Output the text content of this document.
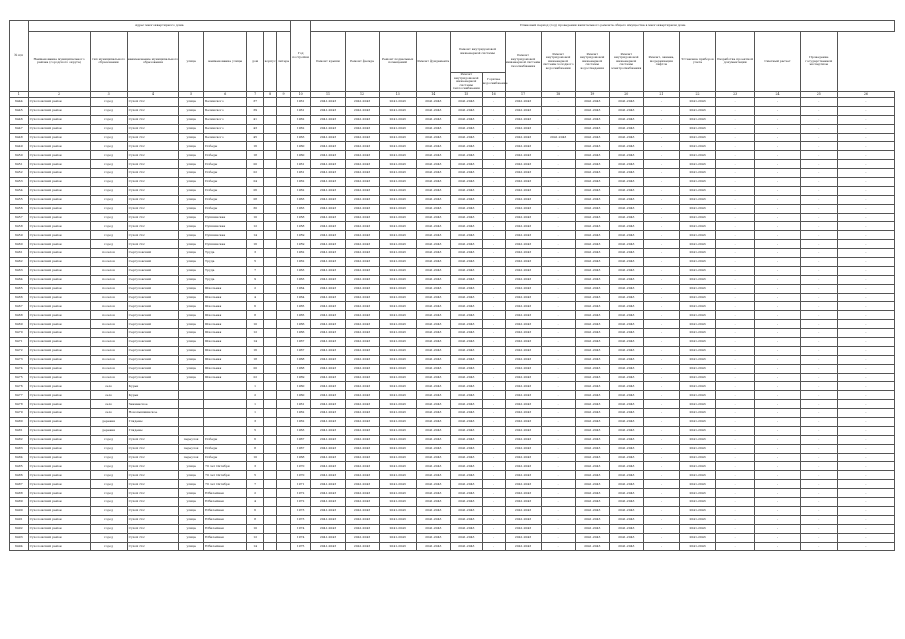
№ п/п	Адрес многоквартирного дома								Год постройки	Плановый период (год) проведения капитального ремонта общего имущества в многоквартирном доме															
	Наименование муниципального района (городского округа)	тип муниципального образования	наименование муниципального образования	улица	наименование улицы	дом	корпус	литера		Ремонт крыши	Ремонт фасада	Ремонт подвальных помещений	Ремонт фундамента	Ремонт внутридомовой инженерной системы		Ремонт внутридомовой инженерной системы газоснабжения	Ремонт внутридомовой инженерной системы холодного водоснабжения	Ремонт внутридомовой инженерной системы водоотведения	Ремонт внутридомовой инженерной системы электроснабжения	Ремонт, замена, модернизация лифтов	Установка приборов учета	Разработка проектной документации	Сметный расчет	Проведение государственной экспертизы	
														Ремонт внутридомовой инженерной системы теплоснабжения	Горячее водоснабжение										
1	2	3	4	5	6	7	8	9	10	11	12	13	14	15	16	17	18	19	20	21	22	23	24	25	26
6444	Сухоложский район	город	Сухой Лог	улица	Белинского	37			1961	2041-2043	2041-2043	2041-2043	2041-2043	2041-2043	-	2041-2043	-	2041-2043	2041-2043	-	2041-2043	-	-	-	-
6445	Сухоложский район	город	Сухой Лог	улица	Белинского	39			1961	2041-2043	2041-2043	2041-2043	2041-2043	2041-2043	-	2041-2043	-	2041-2043	2041-2043	-	2041-2043	-	-	-	-
6446	Сухоложский район	город	Сухой Лог	улица	Белинского	41			1962	2041-2043	2041-2043	2041-2043	2041-2043	2041-2043	-	2041-2043	-	2041-2043	2041-2043	-	2041-2043	-	-	-	-
6447	Сухоложский район	город	Сухой Лог	улица	Белинского	43			1962	2041-2043	2041-2043	2041-2043	2041-2043	2041-2043	-	2041-2043	-	2041-2043	2041-2043	-	2041-2043	-	-	-	-
6448	Сухоложский район	город	Сухой Лог	улица	Белинского	45			1963	2041-2043	2041-2043	2041-2043	2041-2043	2041-2043	-	2041-2043	2041-2043	2041-2043	2041-2043	-	2041-2043	-	-	-	-
6449	Сухоложский район	город	Сухой Лог	улица	Победы	16			1960	2041-2043	2041-2043	2041-2043	2041-2043	2041-2043	-	2041-2043	-	2041-2043	2041-2043	-	2041-2043	-	-	-	-
6450	Сухоложский район	город	Сухой Лог	улица	Победы	18			1960	2041-2043	2041-2043	2041-2043	2041-2043	2041-2043	-	2041-2043	-	2041-2043	2041-2043	-	2041-2043	-	-	-	-
6451	Сухоложский район	город	Сухой Лог	улица	Победы	20			1961	2041-2043	2041-2043	2041-2043	2041-2043	2041-2043	-	2041-2043	-	2041-2043	2041-2043	-	2041-2043	-	-	-	-
6452	Сухоложский район	город	Сухой Лог	улица	Победы	22			1961	2041-2043	2041-2043	2041-2043	2041-2043	2041-2043	-	2041-2043	-	2041-2043	2041-2043	-	2041-2043	-	-	-	-
6453	Сухоложский район	город	Сухой Лог	улица	Победы	24			1962	2041-2043	2041-2043	2041-2043	2041-2043	2041-2043	-	2041-2043	-	2041-2043	2041-2043	-	2041-2043	-	-	-	-
6454	Сухоложский район	город	Сухой Лог	улица	Победы	26			1962	2041-2043	2041-2043	2041-2043	2041-2043	2041-2043	-	2041-2043	-	2041-2043	2041-2043	-	2041-2043	-	-	-	-
6455	Сухоложский район	город	Сухой Лог	улица	Победы	28			1963	2041-2043	2041-2043	2041-2043	2041-2043	2041-2043	-	2041-2043	-	2041-2043	2041-2043	-	2041-2043	-	-	-	-
6456	Сухоложский район	город	Сухой Лог	улица	Победы	30			1963	2041-2043	2041-2043	2041-2043	2041-2043	2041-2043	-	2041-2043	-	2041-2043	2041-2043	-	2041-2043	-	-	-	-
6457	Сухоложский район	город	Сухой Лог	улица	Пушкинская	10			1958	2041-2043	2041-2043	2041-2043	2041-2043	2041-2043	-	2041-2043	-	2041-2043	2041-2043	-	2041-2043	-	-	-	-
6458	Сухоложский район	город	Сухой Лог	улица	Пушкинская	12			1958	2041-2043	2041-2043	2041-2043	2041-2043	2041-2043	-	2041-2043	-	2041-2043	2041-2043	-	2041-2043	-	-	-	-
6459	Сухоложский район	город	Сухой Лог	улица	Пушкинская	14			1959	2041-2043	2041-2043	2041-2043	2041-2043	2041-2043	-	2041-2043	-	2041-2043	2041-2043	-	2041-2043	-	-	-	-
6460	Сухоложский район	город	Сухой Лог	улица	Пушкинская	16			1959	2041-2043	2041-2043	2041-2043	2041-2043	2041-2043	-	2041-2043	-	2041-2043	2041-2043	-	2041-2043	-	-	-	-
6461	Сухоложский район	поселок	Сергуловский	улица	Труда	3			1962	2041-2043	2041-2043	2041-2043	2041-2043	2041-2043	-	2041-2043	-	2041-2043	2041-2043	-	2041-2043	-	-	-	-
6462	Сухоложский район	поселок	Сергуловский	улица	Труда	5			1962	2041-2043	2041-2043	2041-2043	2041-2043	2041-2043	-	2041-2043	-	2041-2043	2041-2043	-	2041-2043	-	-	-	-
6463	Сухоложский район	поселок	Сергуловский	улица	Труда	7			1963	2041-2043	2041-2043	2041-2043	2041-2043	2041-2043	-	2041-2043	-	2041-2043	2041-2043	-	2041-2043	-	-	-	-
6464	Сухоложский район	поселок	Сергуловский	улица	Труда	9			1963	2041-2043	2041-2043	2041-2043	2041-2043	2041-2043	-	2041-2043	-	2041-2043	2041-2043	-	2041-2043	-	-	-	-
6465	Сухоложский район	поселок	Сергуловский	улица	Школьная	2			1964	2041-2043	2041-2043	2041-2043	2041-2043	2041-2043	-	2041-2043	-	2041-2043	2041-2043	-	2041-2043	-	-	-	-
6466	Сухоложский район	поселок	Сергуловский	улица	Школьная	4			1964	2041-2043	2041-2043	2041-2043	2041-2043	2041-2043	-	2041-2043	-	2041-2043	2041-2043	-	2041-2043	-	-	-	-
6467	Сухоложский район	поселок	Сергуловский	улица	Школьная	6			1965	2041-2043	2041-2043	2041-2043	2041-2043	2041-2043	-	2041-2043	-	2041-2043	2041-2043	-	2041-2043	-	-	-	-
6468	Сухоложский район	поселок	Сергуловский	улица	Школьная	8			1965	2041-2043	2041-2043	2041-2043	2041-2043	2041-2043	-	2041-2043	-	2041-2043	2041-2043	-	2041-2043	-	-	-	-
6469	Сухоложский район	поселок	Сергуловский	улица	Школьная	10			1966	2041-2043	2041-2043	2041-2043	2041-2043	2041-2043	-	2041-2043	-	2041-2043	2041-2043	-	2041-2043	-	-	-	-
6470	Сухоложский район	поселок	Сергуловский	улица	Школьная	12			1966	2041-2043	2041-2043	2041-2043	2041-2043	2041-2043	-	2041-2043	-	2041-2043	2041-2043	-	2041-2043	-	-	-	-
6471	Сухоложский район	поселок	Сергуловский	улица	Школьная	14			1967	2041-2043	2041-2043	2041-2043	2041-2043	2041-2043	-	2041-2043	-	2041-2043	2041-2043	-	2041-2043	-	-	-	-
6472	Сухоложский район	поселок	Сергуловский	улица	Школьная	16			1967	2041-2043	2041-2043	2041-2043	2041-2043	2041-2043	-	2041-2043	-	2041-2043	2041-2043	-	2041-2043	-	-	-	-
6473	Сухоложский район	поселок	Сергуловский	улица	Школьная	18			1968	2041-2043	2041-2043	2041-2043	2041-2043	2041-2043	-	2041-2043	-	2041-2043	2041-2043	-	2041-2043	-	-	-	-
6474	Сухоложский район	поселок	Сергуловский	улица	Школьная	20			1968	2041-2043	2041-2043	2041-2043	2041-2043	2041-2043	-	2041-2043	-	2041-2043	2041-2043	-	2041-2043	-	-	-	-
6475	Сухоложский район	поселок	Сергуловский	улица	Школьная	22			1969	2041-2043	2041-2043	2041-2043	2041-2043	2041-2043	-	2041-2043	-	2041-2043	2041-2043	-	2041-2043	-	-	-	-
6476	Сухоложский район	село	Курьи			1			1960	2041-2043	2041-2043	2041-2043	2041-2043	2041-2043	-	2041-2043	-	2041-2043	2041-2043	-	2041-2043	-	-	-	-
6477	Сухоложский район	село	Курьи			2			1960	2041-2043	2041-2043	2041-2043	2041-2043	2041-2043	-	2041-2043	-	2041-2043	2041-2043	-	2041-2043	-	-	-	-
6478	Сухоложский район	село	Знаменское			1			1961	2041-2043	2041-2043	2041-2043	2041-2043	2041-2043	-	2041-2043	-	2041-2043	2041-2043	-	2041-2043	-	-	-	-
6479	Сухоложский район	село	Новопышминское			1			1962	2041-2043	2041-2043	2041-2043	2041-2043	2041-2043	-	2041-2043	-	2041-2043	2041-2043	-	2041-2043	-	-	-	-
6480	Сухоложский район	деревня	Глядены			3			1962	2041-2043	2041-2043	2041-2043	2041-2043	2041-2043	-	2041-2043	-	2041-2043	2041-2043	-	2041-2043	-	-	-	-
6481	Сухоложский район	деревня	Глядены			5			1963	2041-2043	2041-2043	2041-2043	2041-2043	2041-2043	-	2041-2043	-	2041-2043	2041-2043	-	2041-2043	-	-	-	-
6482	Сухоложский район	город	Сухой Лог	переулок	Победы	6			1967	2041-2043	2041-2043	2041-2043	2041-2043	2041-2043	-	2041-2043	-	2041-2043	2041-2043	-	2041-2043	-	-	-	-
6483	Сухоложский район	город	Сухой Лог	переулок	Победы	8			1967	2041-2043	2041-2043	2041-2043	2041-2043	2041-2043	-	2041-2043	-	2041-2043	2041-2043	-	2041-2043	-	-	-	-
6484	Сухоложский район	город	Сухой Лог	переулок	Победы	10			1968	2041-2043	2041-2043	2041-2043	2041-2043	2041-2043	-	2041-2043	-	2041-2043	2041-2043	-	2041-2043	-	-	-	-
6485	Сухоложский район	город	Сухой Лог	улица	70 лет Октября	3			1970	2041-2043	2041-2043	2041-2043	2041-2043	2041-2043	-	2041-2043	-	2041-2043	2041-2043	-	2041-2043	-	-	-	-
6486	Сухоложский район	город	Сухой Лог	улица	70 лет Октября	5			1970	2041-2043	2041-2043	2041-2043	2041-2043	2041-2043	-	2041-2043	-	2041-2043	2041-2043	-	2041-2043	-	-	-	-
6487	Сухоложский район	город	Сухой Лог	улица	70 лет Октября	7			1971	2041-2043	2041-2043	2041-2043	2041-2043	2041-2043	-	2041-2043	-	2041-2043	2041-2043	-	2041-2043	-	-	-	-
6488	Сухоложский район	город	Сухой Лог	улица	Юбилейная	2			1972	2041-2043	2041-2043	2041-2043	2041-2043	2041-2043	-	2041-2043	-	2041-2043	2041-2043	-	2041-2043	-	-	-	-
6489	Сухоложский район	город	Сухой Лог	улица	Юбилейная	4			1972	2041-2043	2041-2043	2041-2043	2041-2043	2041-2043	-	2041-2043	-	2041-2043	2041-2043	-	2041-2043	-	-	-	-
6490	Сухоложский район	город	Сухой Лог	улица	Юбилейная	6			1973	2041-2043	2041-2043	2041-2043	2041-2043	2041-2043	-	2041-2043	-	2041-2043	2041-2043	-	2041-2043	-	-	-	-
6491	Сухоложский район	город	Сухой Лог	улица	Юбилейная	8			1973	2041-2043	2041-2043	2041-2043	2041-2043	2041-2043	-	2041-2043	-	2041-2043	2041-2043	-	2041-2043	-	-	-	-
6492	Сухоложский район	город	Сухой Лог	улица	Юбилейная	10			1974	2041-2043	2041-2043	2041-2043	2041-2043	2041-2043	-	2041-2043	-	2041-2043	2041-2043	-	2041-2043	-	-	-	-
6493	Сухоложский район	город	Сухой Лог	улица	Юбилейная	12			1974	2041-2043	2041-2043	2041-2043	2041-2043	2041-2043	-	2041-2043	-	2041-2043	2041-2043	-	2041-2043	-	-	-	-
6494	Сухоложский район	город	Сухой Лог	улица	Юбилейная	14			1975	2041-2043	2041-2043	2041-2043	2041-2043	2041-2043	-	2041-2043	-	2041-2043	2041-2043	-	2041-2043	-	-	-	-
